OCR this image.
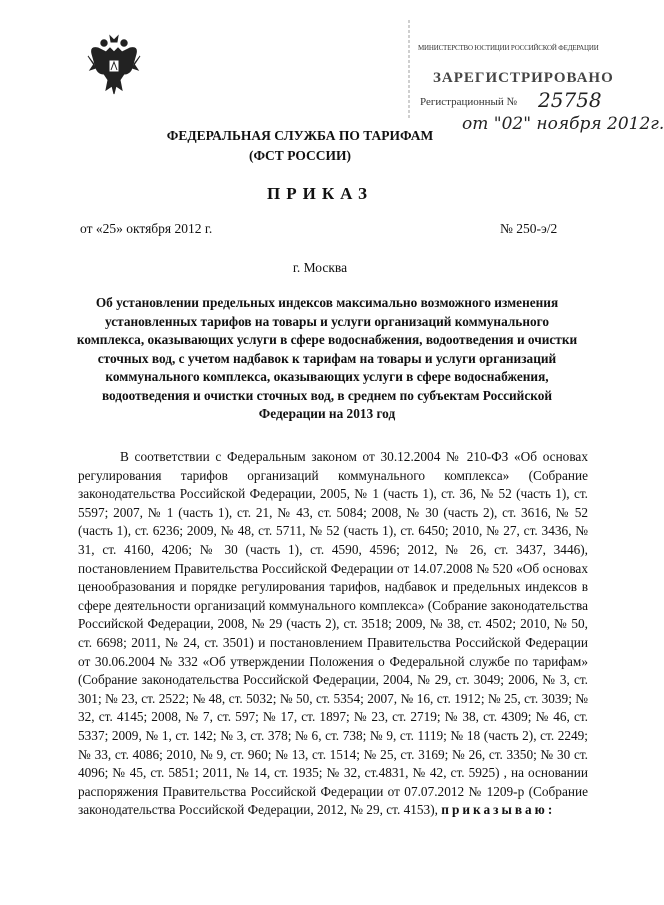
МИНИСТЕРСТВО ЮСТИЦИИ РОССИЙСКОЙ ФЕДЕРАЦИИ
ЗАРЕГИСТРИРОВАНО
Регистрационный № 25758
от "02" ноября 2012г.
ФЕДЕРАЛЬНАЯ СЛУЖБА ПО ТАРИФАМ
(ФСТ РОССИИ)
ПРИКАЗ
от «25» октября 2012 г.	№ 250-э/2
г. Москва
Об установлении предельных индексов максимально возможного изменения установленных тарифов на товары и услуги организаций коммунального комплекса, оказывающих услуги в сфере водоснабжения, водоотведения и очистки сточных вод, с учетом надбавок к тарифам на товары и услуги организаций коммунального комплекса, оказывающих услуги в сфере водоснабжения, водоотведения и очистки сточных вод, в среднем по субъектам Российской Федерации на 2013 год

В соответствии с Федеральным законом от 30.12.2004 № 210-ФЗ «Об основах регулирования тарифов организаций коммунального комплекса» (Собрание законодательства Российской Федерации, 2005, № 1 (часть 1), ст. 36, № 52 (часть 1), ст. 5597; 2007, № 1 (часть 1), ст. 21, № 43, ст. 5084; 2008, № 30 (часть 2), ст. 3616, № 52 (часть 1), ст. 6236; 2009, № 48, ст. 5711, № 52 (часть 1), ст. 6450; 2010, № 27, ст. 3436, № 31, ст. 4160, 4206; № 30 (часть 1), ст. 4590, 4596; 2012, № 26, ст. 3437, 3446), постановлением Правительства Российской Федерации от 14.07.2008 № 520 «Об основах ценообразования и порядке регулирования тарифов, надбавок и предельных индексов в сфере деятельности организаций коммунального комплекса» (Собрание законодательства Российской Федерации, 2008, № 29 (часть 2), ст. 3518; 2009, № 38, ст. 4502; 2010, № 50, ст. 6698; 2011, № 24, ст. 3501) и постановлением Правительства Российской Федерации от 30.06.2004 № 332 «Об утверждении Положения о Федеральной службе по тарифам» (Собрание законодательства Российской Федерации, 2004, № 29, ст. 3049; 2006, № 3, ст. 301; № 23, ст. 2522; № 48, ст. 5032; № 50, ст. 5354; 2007, № 16, ст. 1912; № 25, ст. 3039; № 32, ст. 4145; 2008, № 7, ст. 597; № 17, ст. 1897; № 23, ст. 2719; № 38, ст. 4309; № 46, ст. 5337; 2009, № 1, ст. 142; № 3, ст. 378; № 6, ст. 738; № 9, ст. 1119; № 18 (часть 2), ст. 2249; № 33, ст. 4086; 2010, № 9, ст. 960; № 13, ст. 1514; № 25, ст. 3169; № 26, ст. 3350; № 30 ст. 4096; № 45, ст. 5851; 2011, № 14, ст. 1935; № 32, ст.4831, № 42, ст. 5925) , на основании распоряжения Правительства Российской Федерации от 07.07.2012 № 1209-р (Собрание законодательства Российской Федерации, 2012, № 29, ст. 4153), приказываю:
